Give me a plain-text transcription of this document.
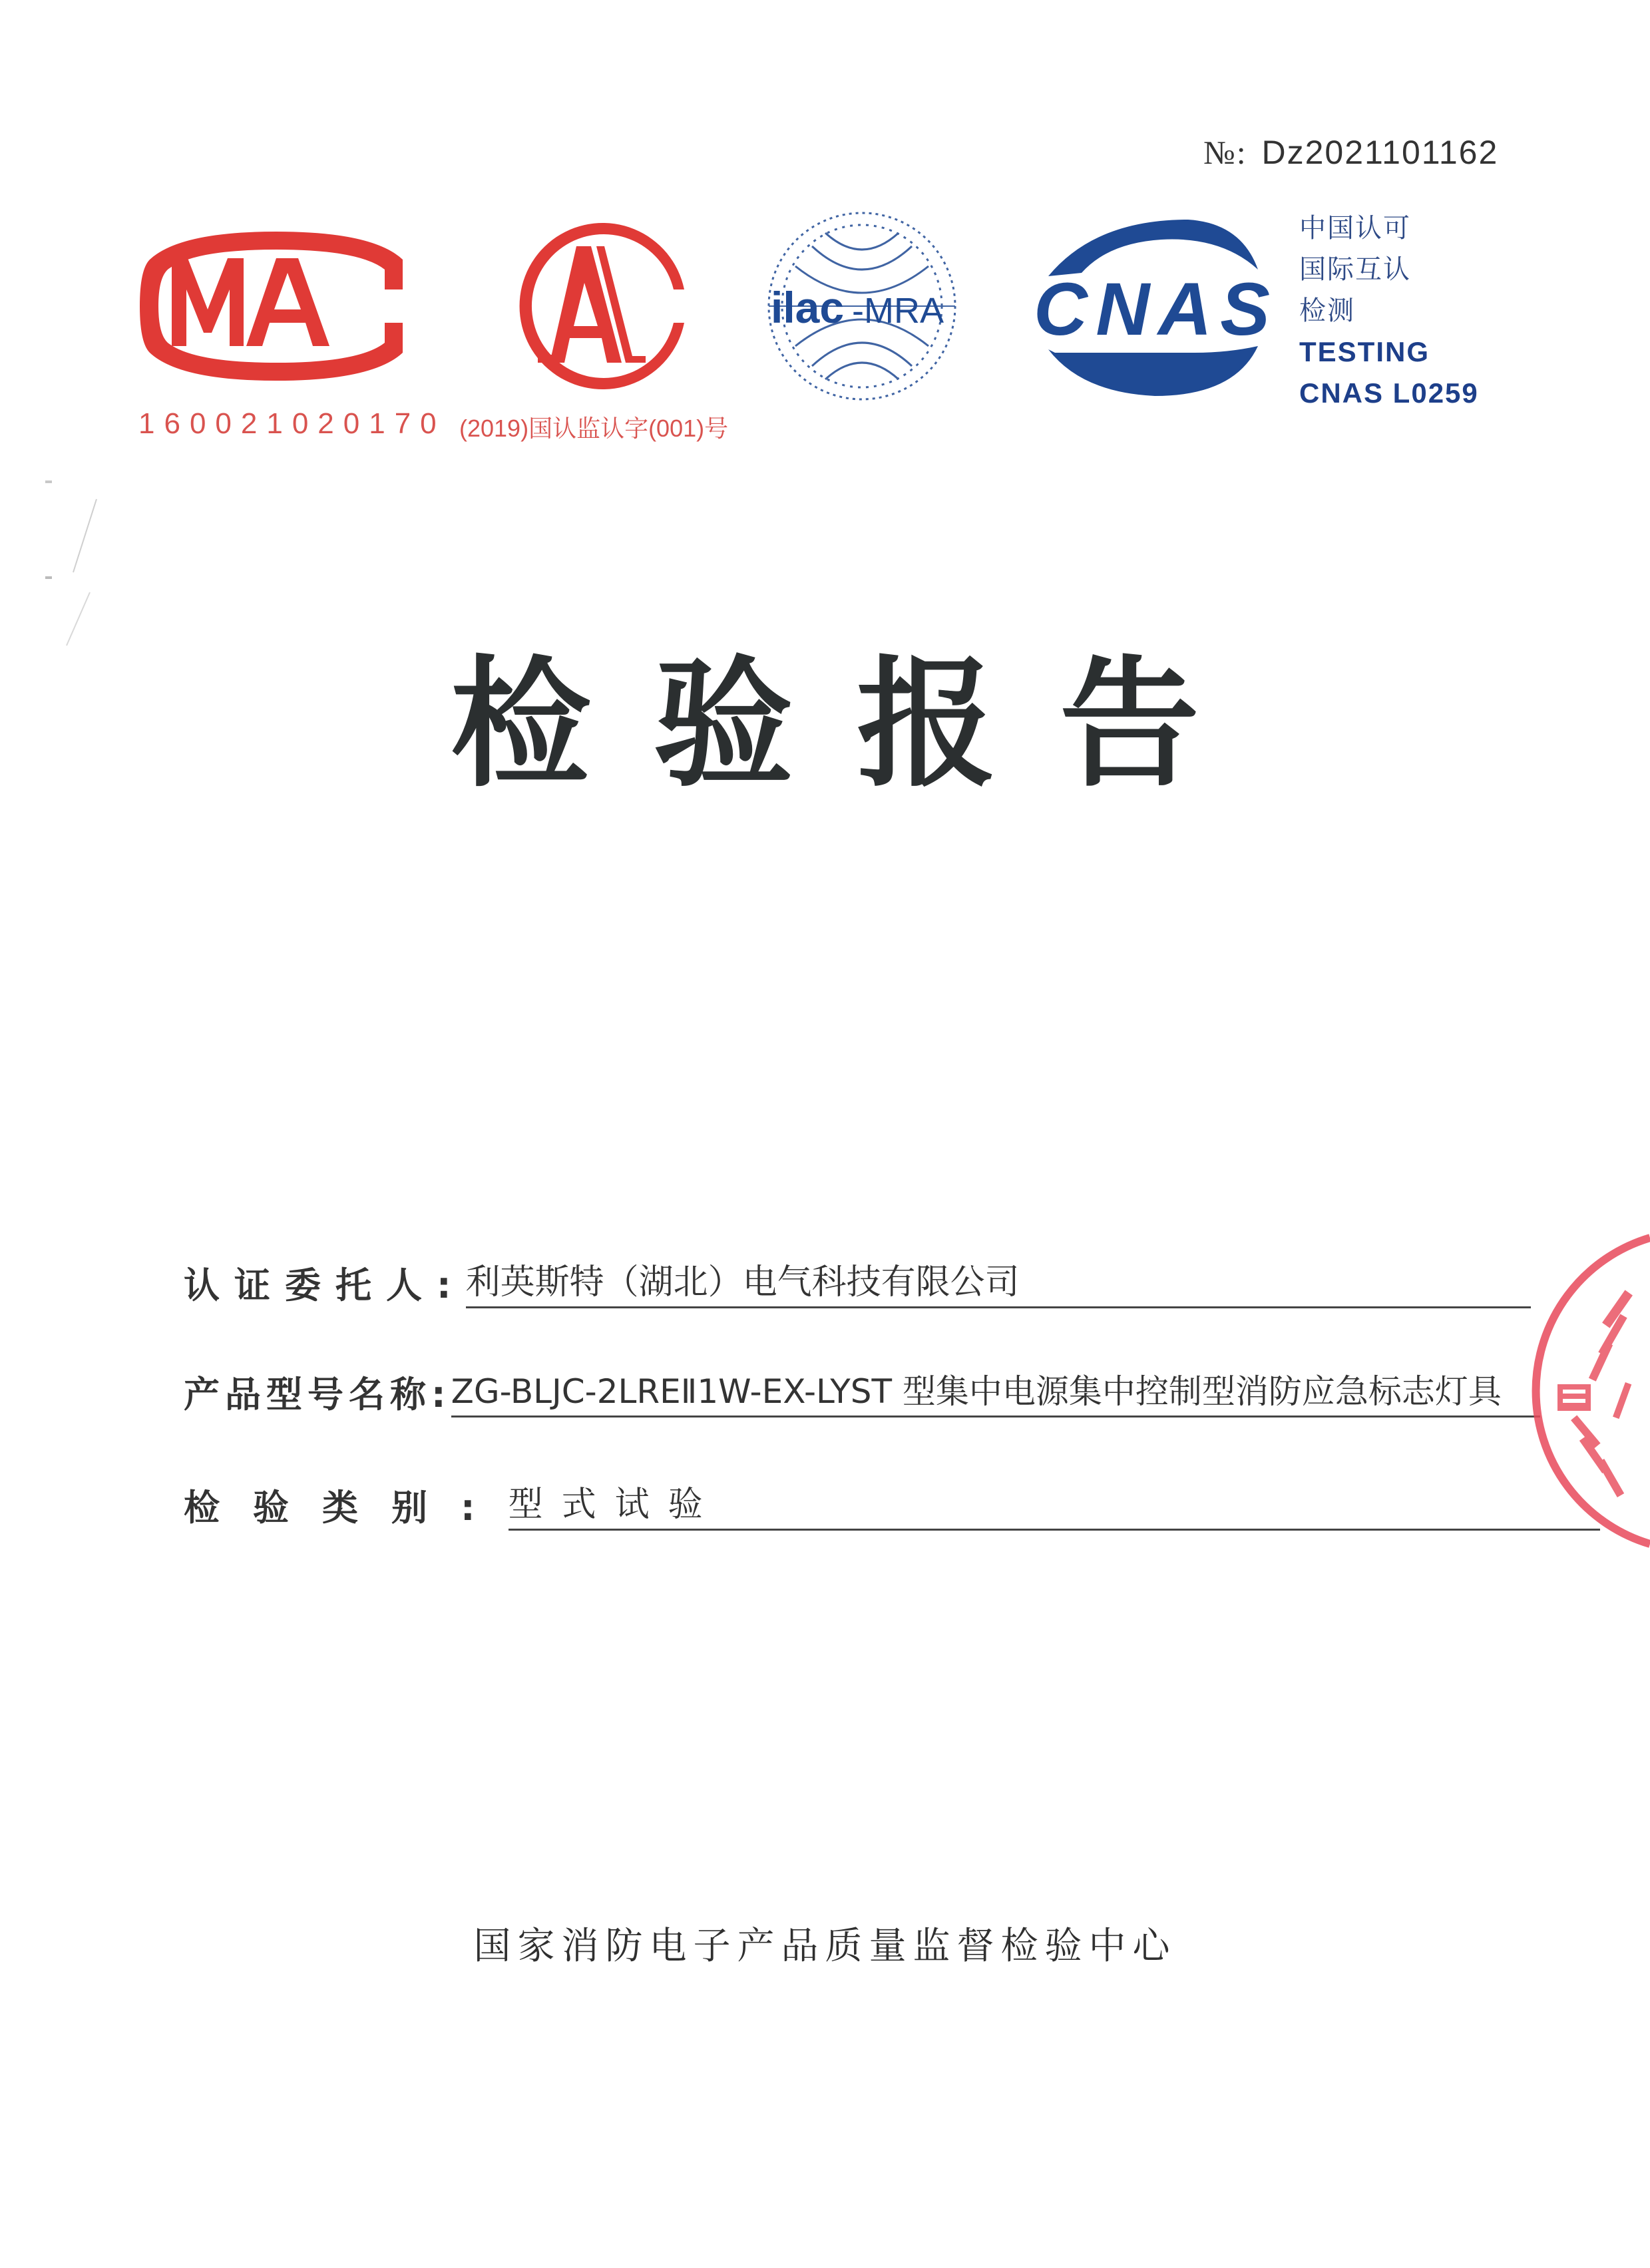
№: Dz2021101162
160021020170 (2019)国认监认字(001)号
ilac -MRA CNAS
中国认可
国际互认
检测
TESTING
CNAS L0259
检验报告
认证委托人: 利英斯特（湖北）电气科技有限公司
产品型号名称: ZG-BLJC-2LREⅡ1W-EX-LYST 型集中电源集中控制型消防应急标志灯具
检验类别: 型式试验
国家消防电子产品质量监督检验中心
